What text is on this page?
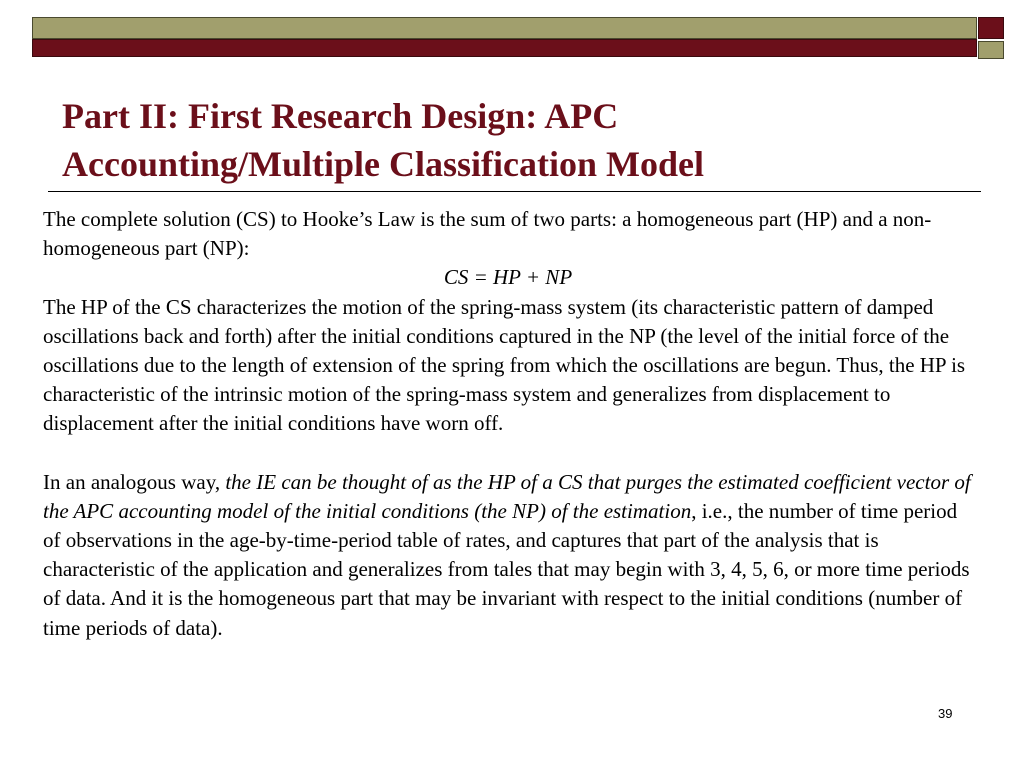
Part II: First Research Design: APC
Accounting/Multiple Classification Model

The complete solution (CS) to Hooke’s Law is the sum of two parts: a homogeneous part (HP) and a non-homogeneous part (NP):

CS = HP + NP

The HP of the CS characterizes the motion of the spring-mass system (its characteristic pattern of damped oscillations back and forth) after the initial conditions captured in the NP (the level of the initial force of the oscillations due to the length of extension of the spring from which the oscillations are begun. Thus, the HP is characteristic of the intrinsic motion of the spring-mass system and generalizes from displacement to displacement after the initial conditions have worn off.

In an analogous way, the IE can be thought of as the HP of a CS that purges the estimated coefficient vector of the APC accounting model of the initial conditions (the NP) of the estimation, i.e., the number of time period of observations in the age-by-time-period table of rates, and captures that part of the analysis that is characteristic of the application and generalizes from tales that may begin with 3, 4, 5, 6, or more time periods of data. And it is the homogeneous part that may be invariant with respect to the initial conditions (number of time periods of data).

39
